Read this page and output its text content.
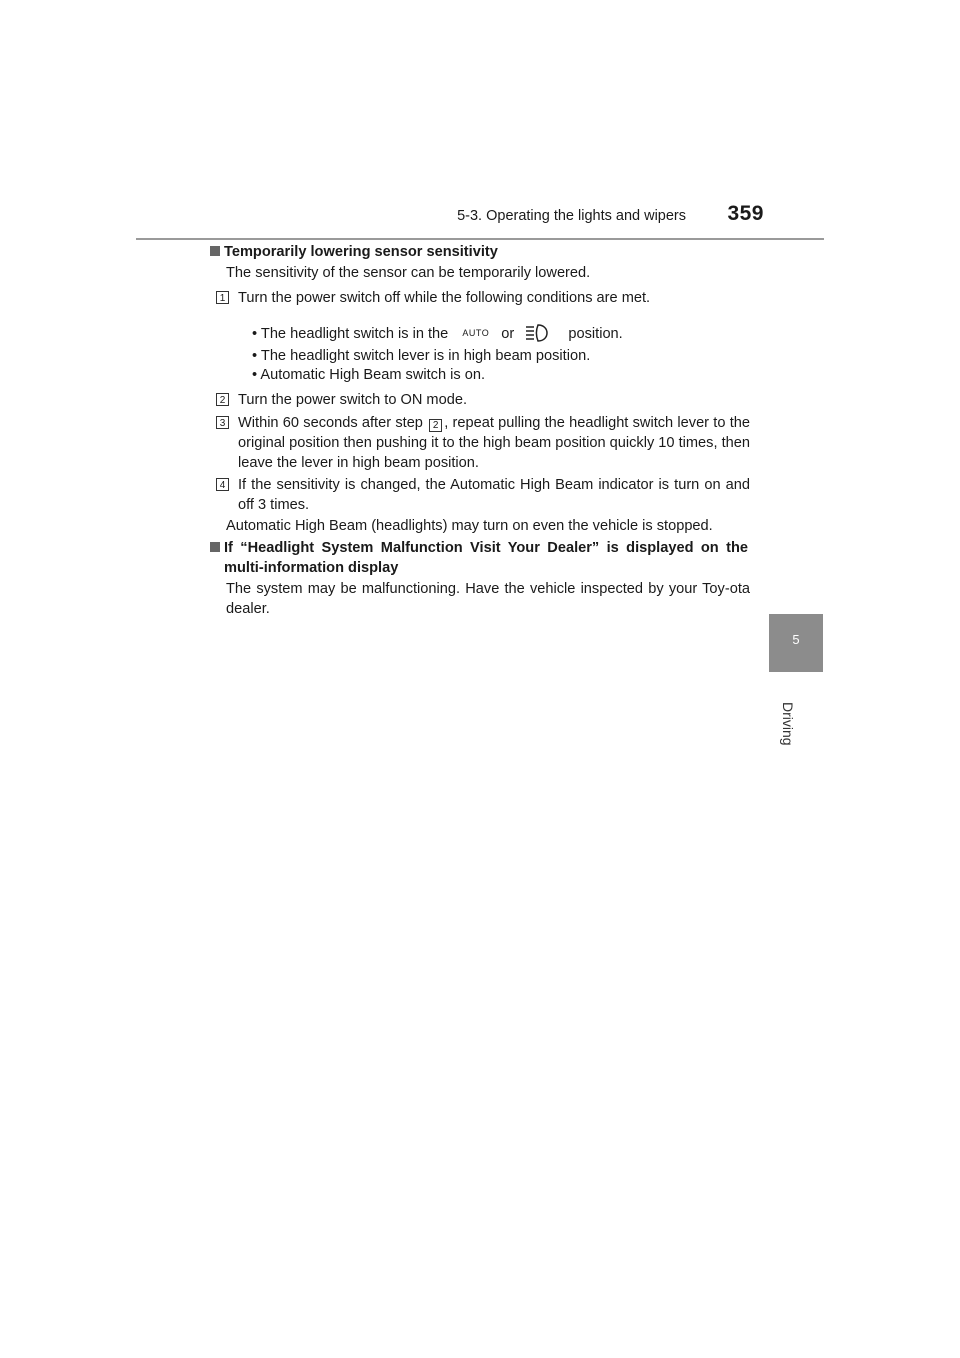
5-3. Operating the lights and wipers 359
5
Driving
Temporarily lowering sensor sensitivity
The sensitivity of the sensor can be temporarily lowered.
1 Turn the power switch off while the following conditions are met.
• The headlight switch is in the AUTO or	position.
• The headlight switch lever is in high beam position.
• Automatic High Beam switch is on.
2 Turn the power switch to ON mode.
3 Within 60 seconds after step 2 , repeat pulling the headlight switch lever to the original position then pushing it to the high beam position quickly 10 times, then leave the lever in high beam position.
4 If the sensitivity is changed, the Automatic High Beam indicator is turn on and off 3 times.
Automatic High Beam (headlights) may turn on even the vehicle is stopped.
If “Headlight System Malfunction Visit Your Dealer” is displayed on the multi-information display
The system may be malfunctioning. Have the vehicle inspected by your Toy-ota dealer.
